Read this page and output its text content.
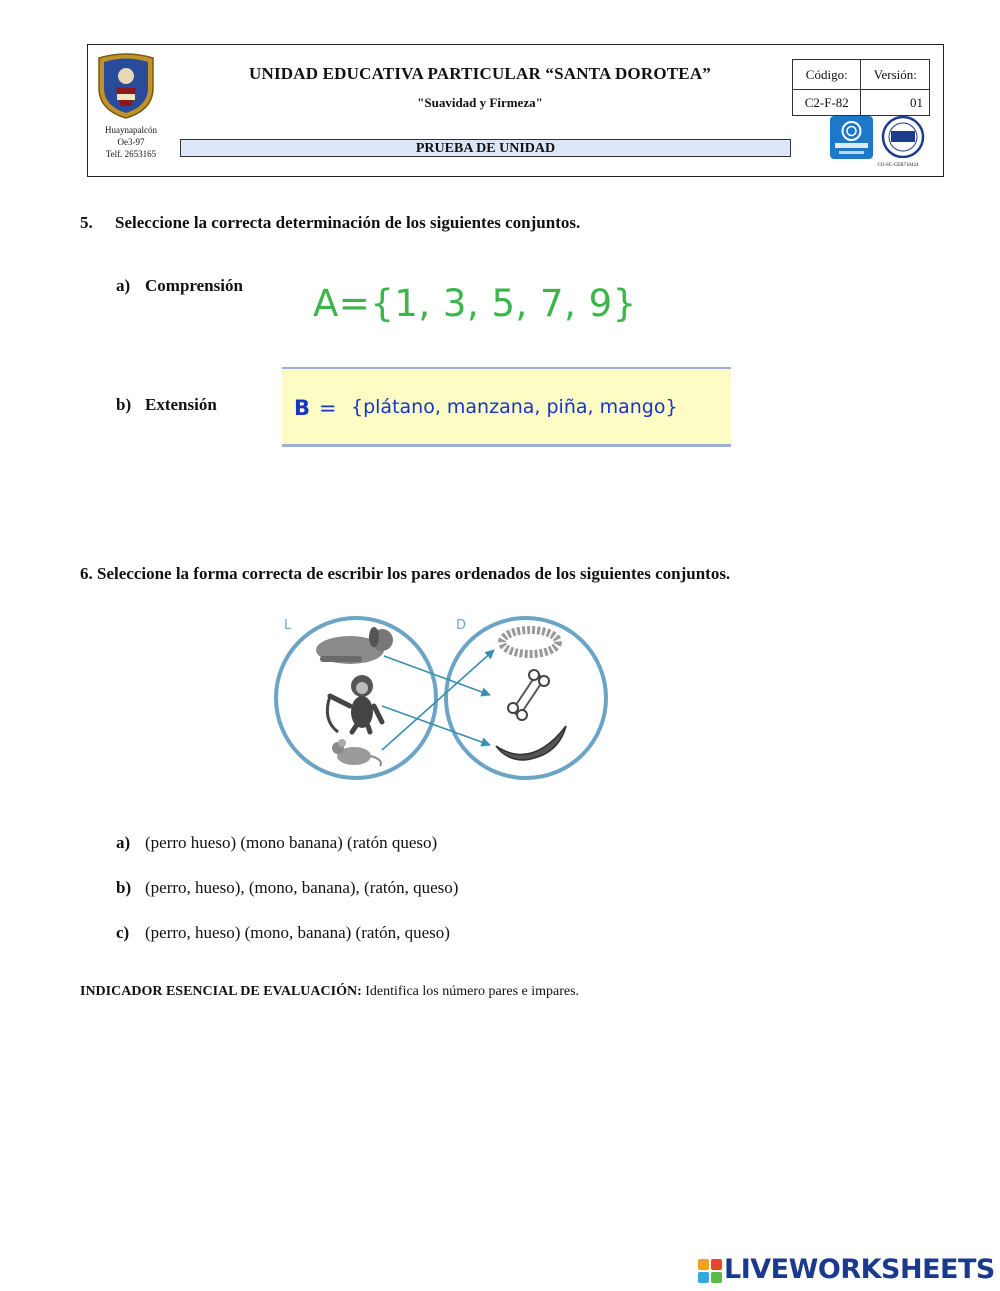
Huaynapalcón
Oe3-97
Telf. 2653165
UNIDAD EDUCATIVA PARTICULAR “SANTA DOROTEA”
"Suavidad y Firmeza"
PRUEBA DE UNIDAD
Código:	Versión:
C2-F-82	01
CO-SC-CER710424
5. Seleccione la correcta determinación de los siguientes conjuntos.
a) Comprensión
b) Extensión
A={1, 3, 5, 7, 9}
B = {plátano, manzana, piña, mango}
6. Seleccione la forma correcta de escribir los pares ordenados de los siguientes conjuntos.
L	D
a) (perro hueso) (mono banana) (ratón queso)
b) (perro, hueso), (mono, banana), (ratón, queso)
c) (perro, hueso) (mono, banana) (ratón, queso)
INDICADOR ESENCIAL DE EVALUACIÓN: Identifica los número pares e impares.
LIVEWORKSHEETS
